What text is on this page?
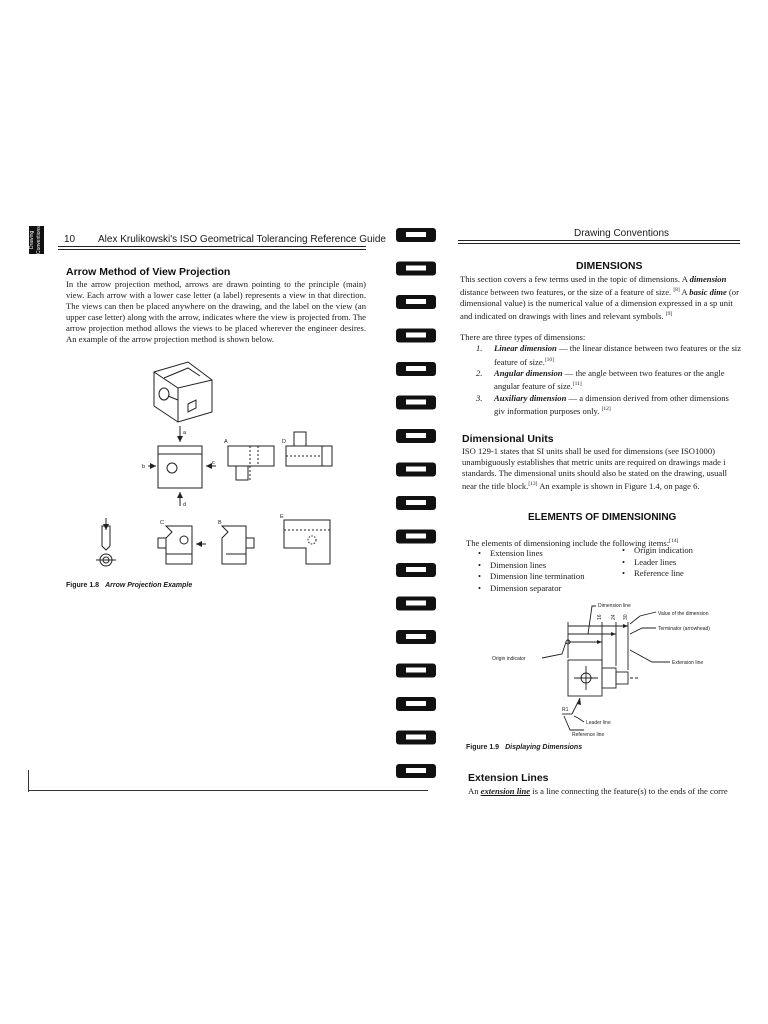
Drawing Conventions 10 Alex Krulikowski's ISO Geometrical Tolerancing Reference Guide
Arrow Method of View Projection

In the arrow projection method, arrows are drawn pointing to the principle (main) view. Each arrow with a lower case letter (a label) represents a view in that direction. The views can then be placed anywhere on the drawing, and the label on the view (an upper case letter) along with the arrow, indicates where the view is projected from. The arrow projection method allows the views to be placed wherever the engineer desires. An example of the arrow projection method is shown below.

a
b
c
d
A	D
C	B
E
Figure 1.8 Arrow Projection Example
Drawing Conventions
DIMENSIONS

This section covers a few terms used in the topic of dimensions. A dimension distance between two features, or the size of a feature of size. [8] A basic dime (or dimensional value) is the numerical value of a dimension expressed in a sp unit and indicated on drawings with lines and relevant symbols. [9]

There are three types of dimensions:

1. Linear dimension — the linear distance between two features or the siz feature of size.[10]
2. Angular dimension — the angle between two features or the angle angular feature of size.[11]
3. Auxiliary dimension — a dimension derived from other dimensions giv information purposes only. [12]
Dimensional Units

ISO 129-1 states that SI units shall be used for dimensions (see ISO1000) unambiguously establishes that metric units are required on drawings made i standards. The dimensional units should also be stated on the drawing, usuall near the title block.[13] An example is shown in Figure 1.4, on page 6.

ELEMENTS OF DIMENSIONING

The elements of dimensioning include the following items:[14]

• Extension lines
• Dimension lines
• Dimension line termination
• Dimension separator
• Origin indication
• Leader lines
• Reference line
Dimension line
Value of the dimension
Terminator (arrowhead)
Origin indicator
Extension line
R1
Leader line
Reference line
16 24 30
Figure 1.9 Displaying Dimensions
Extension Lines

An extension line is a line connecting the feature(s) to the ends of the corre
